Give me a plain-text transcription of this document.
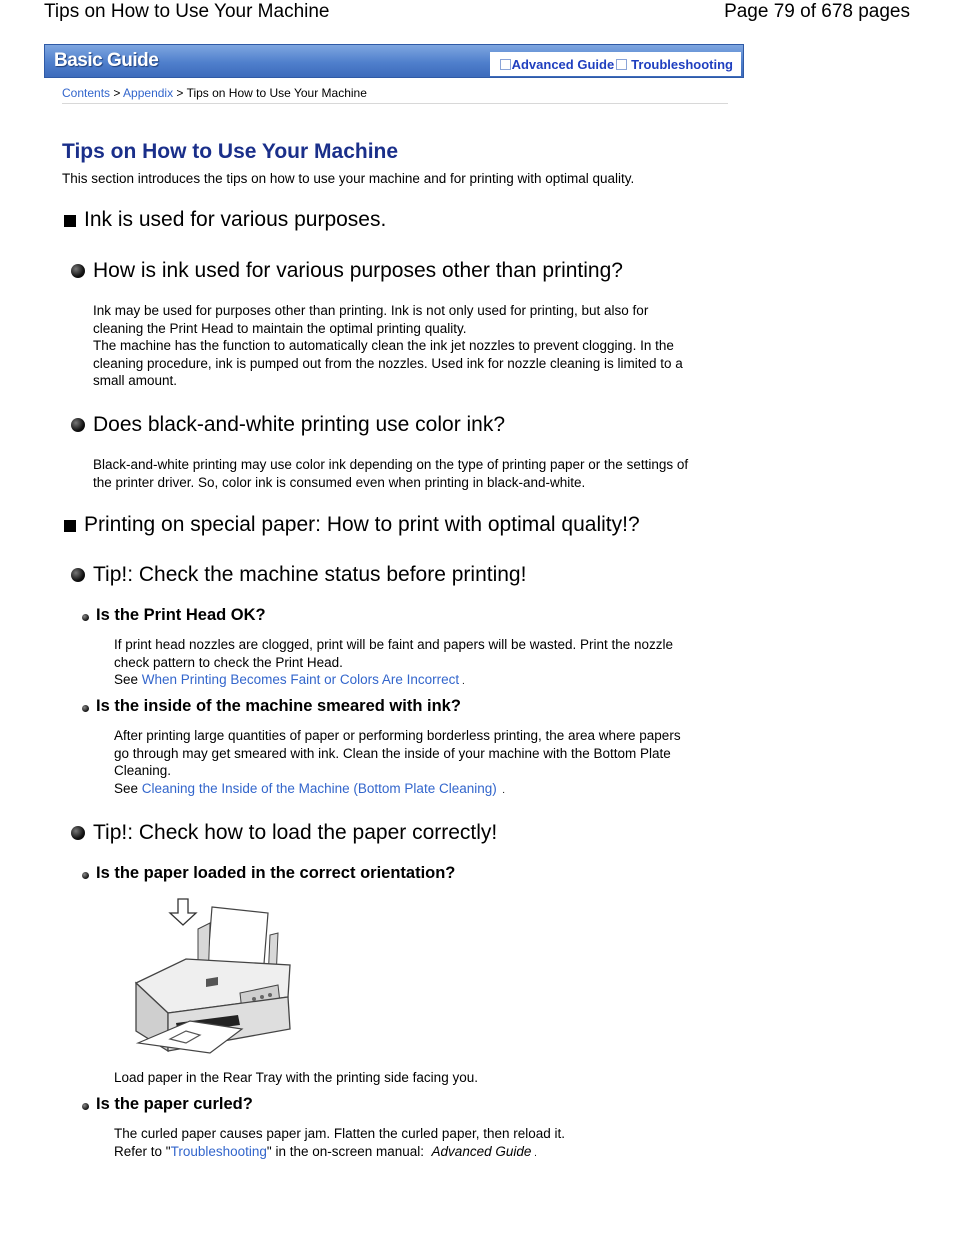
Tips on How to Use Your Machine	Page 79 of 678 pages
Basic Guide	Advanced Guide Troubleshooting
Contents > Appendix > Tips on How to Use Your Machine
Tips on How to Use Your Machine
This section introduces the tips on how to use your machine and for printing with optimal quality.
Ink is used for various purposes.
How is ink used for various purposes other than printing?
Ink may be used for purposes other than printing. Ink is not only used for printing, but also for
cleaning the Print Head to maintain the optimal printing quality.
The machine has the function to automatically clean the ink jet nozzles to prevent clogging. In the
cleaning procedure, ink is pumped out from the nozzles. Used ink for nozzle cleaning is limited to a
small amount.
Does black-and-white printing use color ink?
Black-and-white printing may use color ink depending on the type of printing paper or the settings of
the printer driver. So, color ink is consumed even when printing in black-and-white.
Printing on special paper: How to print with optimal quality!?
Tip!: Check the machine status before printing!
Is the Print Head OK?
If print head nozzles are clogged, print will be faint and papers will be wasted. Print the nozzle
check pattern to check the Print Head.
See When Printing Becomes Faint or Colors Are Incorrect .
Is the inside of the machine smeared with ink?
After printing large quantities of paper or performing borderless printing, the area where papers
go through may get smeared with ink. Clean the inside of your machine with the Bottom Plate
Cleaning.
See Cleaning the Inside of the Machine (Bottom Plate Cleaning)  .
Tip!: Check how to load the paper correctly!
Is the paper loaded in the correct orientation?
Load paper in the Rear Tray with the printing side facing you.
Is the paper curled?
The curled paper causes paper jam. Flatten the curled paper, then reload it.
Refer to "Troubleshooting" in the on-screen manual:  Advanced Guide .
